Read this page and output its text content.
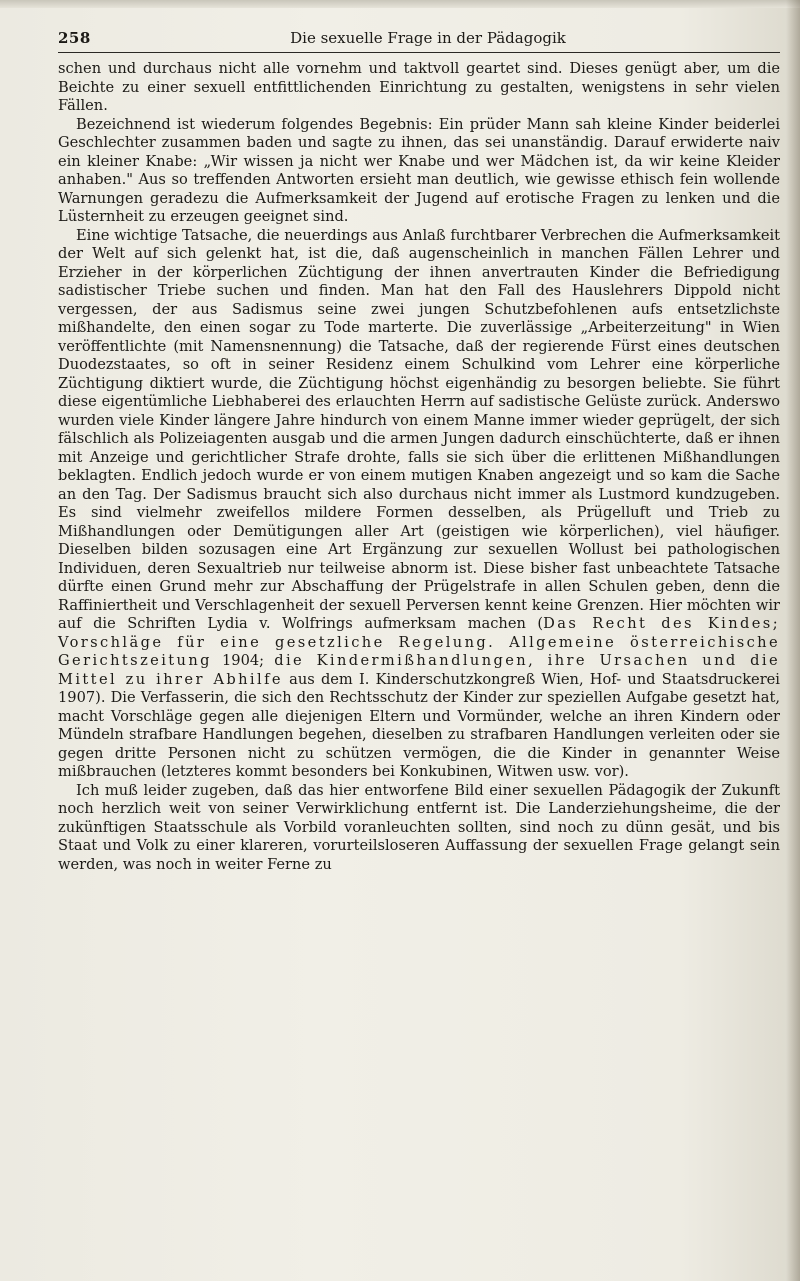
258	Die sexuelle Frage in der Pädagogik

schen und durchaus nicht alle vornehm und taktvoll geartet sind. Dieses genügt aber, um die Beichte zu einer sexuell entfittlichenden Einrichtung zu gestalten, wenigstens in sehr vielen Fällen.

Bezeichnend ist wiederum folgendes Begebnis: Ein prüder Mann sah kleine Kinder beiderlei Geschlechter zusammen baden und sagte zu ihnen, das sei unanständig. Darauf erwiderte naiv ein kleiner Knabe: „Wir wissen ja nicht wer Knabe und wer Mädchen ist, da wir keine Kleider anhaben." Aus so treffenden Antworten ersieht man deutlich, wie gewisse ethisch fein wollende Warnungen geradezu die Aufmerksamkeit der Jugend auf erotische Fragen zu lenken und die Lüsternheit zu erzeugen geeignet sind.

Eine wichtige Tatsache, die neuerdings aus Anlaß furchtbarer Verbrechen die Aufmerksamkeit der Welt auf sich gelenkt hat, ist die, daß augenscheinlich in manchen Fällen Lehrer und Erzieher in der körperlichen Züchtigung der ihnen anvertrauten Kinder die Befriedigung sadistischer Triebe suchen und finden. Man hat den Fall des Hauslehrers Dippold nicht vergessen, der aus Sadismus seine zwei jungen Schutzbefohlenen aufs entsetzlichste mißhandelte, den einen sogar zu Tode marterte. Die zuverlässige „Arbeiterzeitung" in Wien veröffentlichte (mit Namensnennung) die Tatsache, daß der regierende Fürst eines deutschen Duodezstaates, so oft in seiner Residenz einem Schulkind vom Lehrer eine körperliche Züchtigung diktiert wurde, die Züchtigung höchst eigenhändig zu besorgen beliebte. Sie führt diese eigentümliche Liebhaberei des erlauchten Herrn auf sadistische Gelüste zurück. Anderswo wurden viele Kinder längere Jahre hindurch von einem Manne immer wieder geprügelt, der sich fälschlich als Polizeiagenten ausgab und die armen Jungen dadurch einschüchterte, daß er ihnen mit Anzeige und gerichtlicher Strafe drohte, falls sie sich über die erlittenen Mißhandlungen beklagten. Endlich jedoch wurde er von einem mutigen Knaben angezeigt und so kam die Sache an den Tag. Der Sadismus braucht sich also durchaus nicht immer als Lustmord kundzugeben. Es sind vielmehr zweifellos mildere Formen desselben, als Prügelluft und Trieb zu Mißhandlungen oder Demütigungen aller Art (geistigen wie körperlichen), viel häufiger. Dieselben bilden sozusagen eine Art Ergänzung zur sexuellen Wollust bei pathologischen Individuen, deren Sexualtrieb nur teilweise abnorm ist. Diese bisher fast unbeachtete Tatsache dürfte einen Grund mehr zur Abschaffung der Prügelstrafe in allen Schulen geben, denn die Raffiniertheit und Verschlagenheit der sexuell Perversen kennt keine Grenzen. Hier möchten wir auf die Schriften Lydia v. Wolfrings aufmerksam machen (Das Recht des Kindes; Vorschläge für eine gesetzliche Regelung. Allgemeine österreichische Gerichtszeitung 1904; die Kindermißhandlungen, ihre Ursachen und die Mittel zu ihrer Abhilfe aus dem I. Kinderschutzkongreß Wien, Hof- und Staatsdruckerei 1907). Die Verfasserin, die sich den Rechtsschutz der Kinder zur speziellen Aufgabe gesetzt hat, macht Vorschläge gegen alle diejenigen Eltern und Vormünder, welche an ihren Kindern oder Mündeln strafbare Handlungen begehen, dieselben zu strafbaren Handlungen verleiten oder sie gegen dritte Personen nicht zu schützen vermögen, die die Kinder in genannter Weise mißbrauchen (letzteres kommt besonders bei Konkubinen, Witwen usw. vor).

Ich muß leider zugeben, daß das hier entworfene Bild einer sexuellen Pädagogik der Zukunft noch herzlich weit von seiner Verwirklichung entfernt ist. Die Landerziehungsheime, die der zukünftigen Staatsschule als Vorbild voranleuchten sollten, sind noch zu dünn gesät, und bis Staat und Volk zu einer klareren, vorurteilsloseren Auffassung der sexuellen Frage gelangt sein werden, was noch in weiter Ferne zu
